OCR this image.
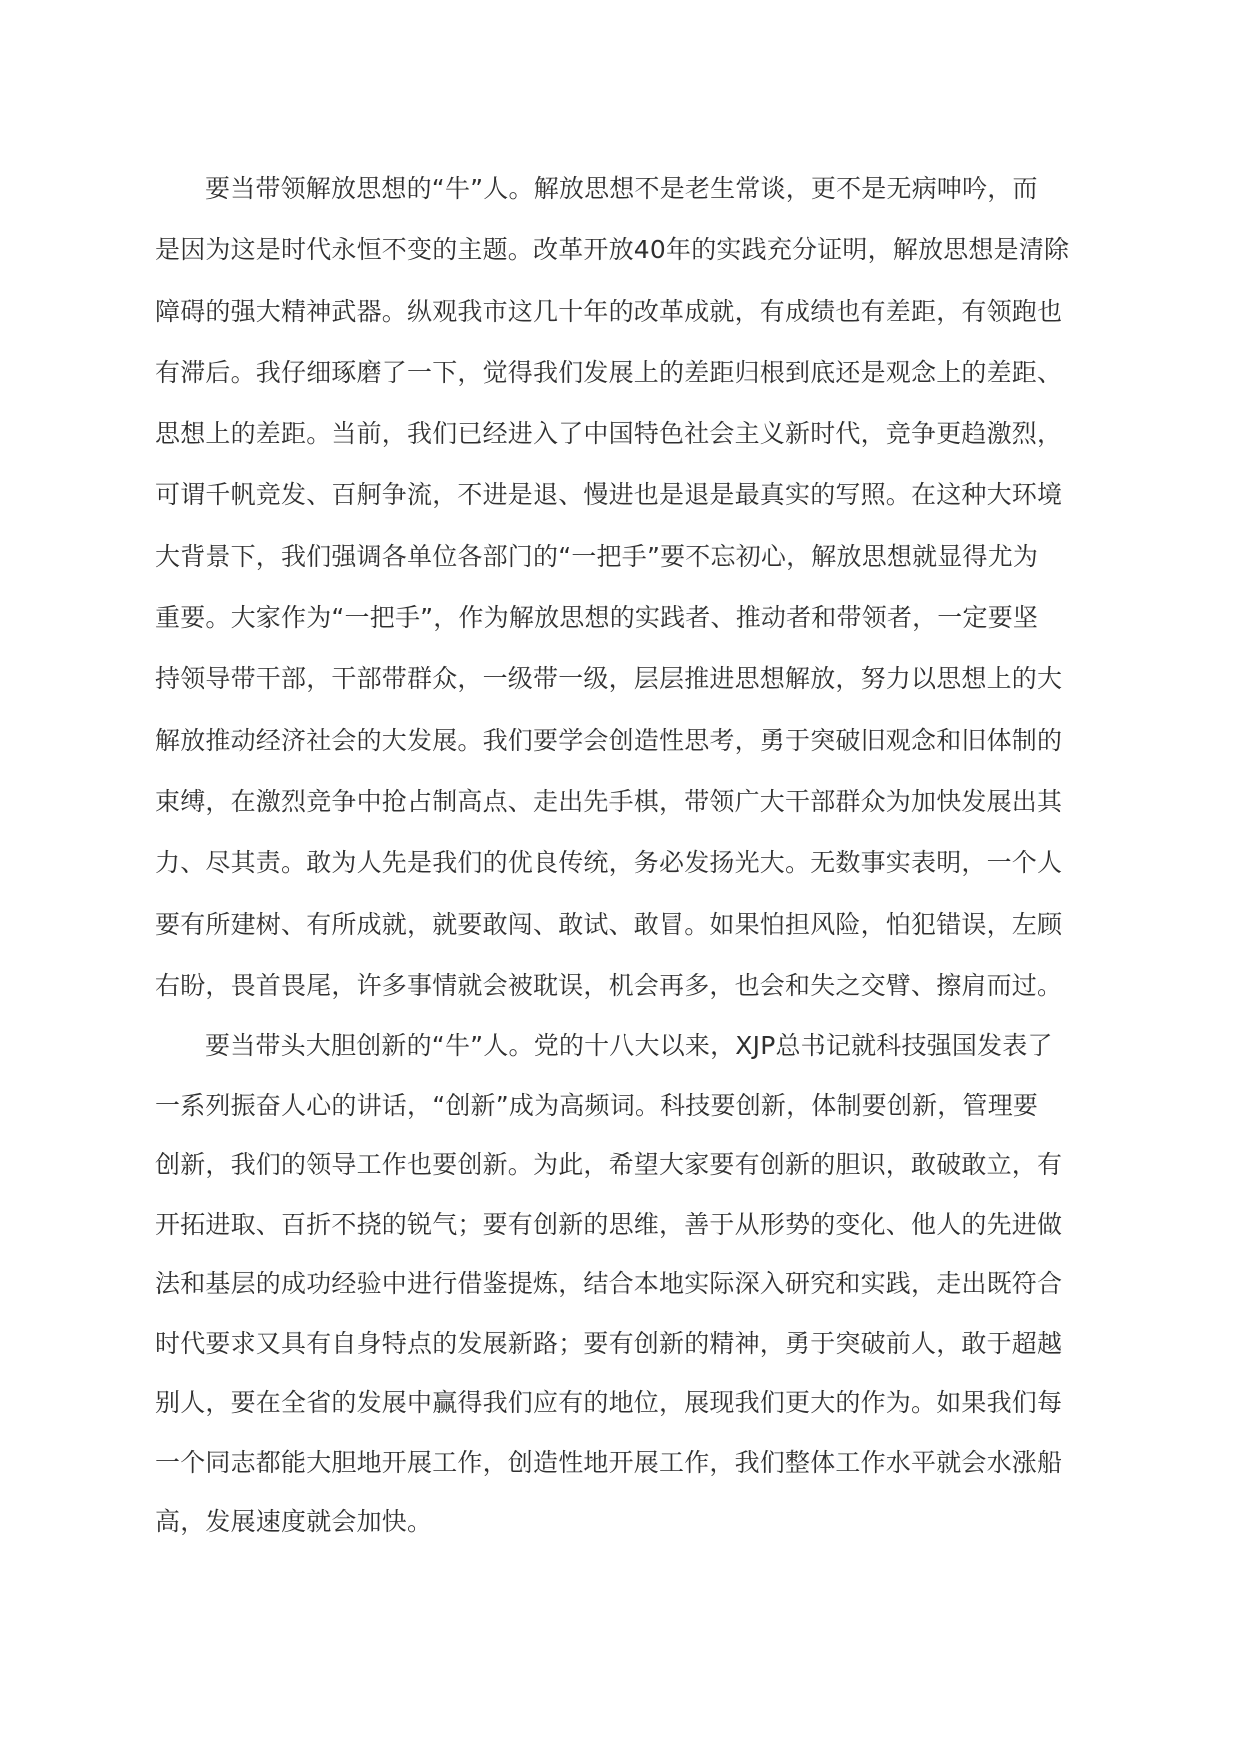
要当带领解放思想的“牛”人。解放思想不是老生常谈，更不是无病呻吟，而
是因为这是时代永恒不变的主题。改革开放40年的实践充分证明，解放思想是清除
障碍的强大精神武器。纵观我市这几十年的改革成就，有成绩也有差距，有领跑也
有滞后。我仔细琢磨了一下，觉得我们发展上的差距归根到底还是观念上的差距、
思想上的差距。当前，我们已经进入了中国特色社会主义新时代，竞争更趋激烈，
可谓千帆竞发、百舸争流，不进是退、慢进也是退是最真实的写照。在这种大环境
大背景下，我们强调各单位各部门的“一把手”要不忘初心，解放思想就显得尤为
重要。大家作为“一把手”，作为解放思想的实践者、推动者和带领者，一定要坚
持领导带干部，干部带群众，一级带一级，层层推进思想解放，努力以思想上的大
解放推动经济社会的大发展。我们要学会创造性思考，勇于突破旧观念和旧体制的
束缚，在激烈竞争中抢占制高点、走出先手棋，带领广大干部群众为加快发展出其
力、尽其责。敢为人先是我们的优良传统，务必发扬光大。无数事实表明，一个人
要有所建树、有所成就，就要敢闯、敢试、敢冒。如果怕担风险，怕犯错误，左顾
右盼，畏首畏尾，许多事情就会被耽误，机会再多，也会和失之交臂、擦肩而过。
要当带头大胆创新的“牛”人。党的十八大以来，XJP总书记就科技强国发表了
一系列振奋人心的讲话，“创新”成为高频词。科技要创新，体制要创新，管理要
创新，我们的领导工作也要创新。为此，希望大家要有创新的胆识，敢破敢立，有
开拓进取、百折不挠的锐气；要有创新的思维，善于从形势的变化、他人的先进做
法和基层的成功经验中进行借鉴提炼，结合本地实际深入研究和实践，走出既符合
时代要求又具有自身特点的发展新路；要有创新的精神，勇于突破前人，敢于超越
别人，要在全省的发展中赢得我们应有的地位，展现我们更大的作为。如果我们每
一个同志都能大胆地开展工作，创造性地开展工作，我们整体工作水平就会水涨船
高，发展速度就会加快。
